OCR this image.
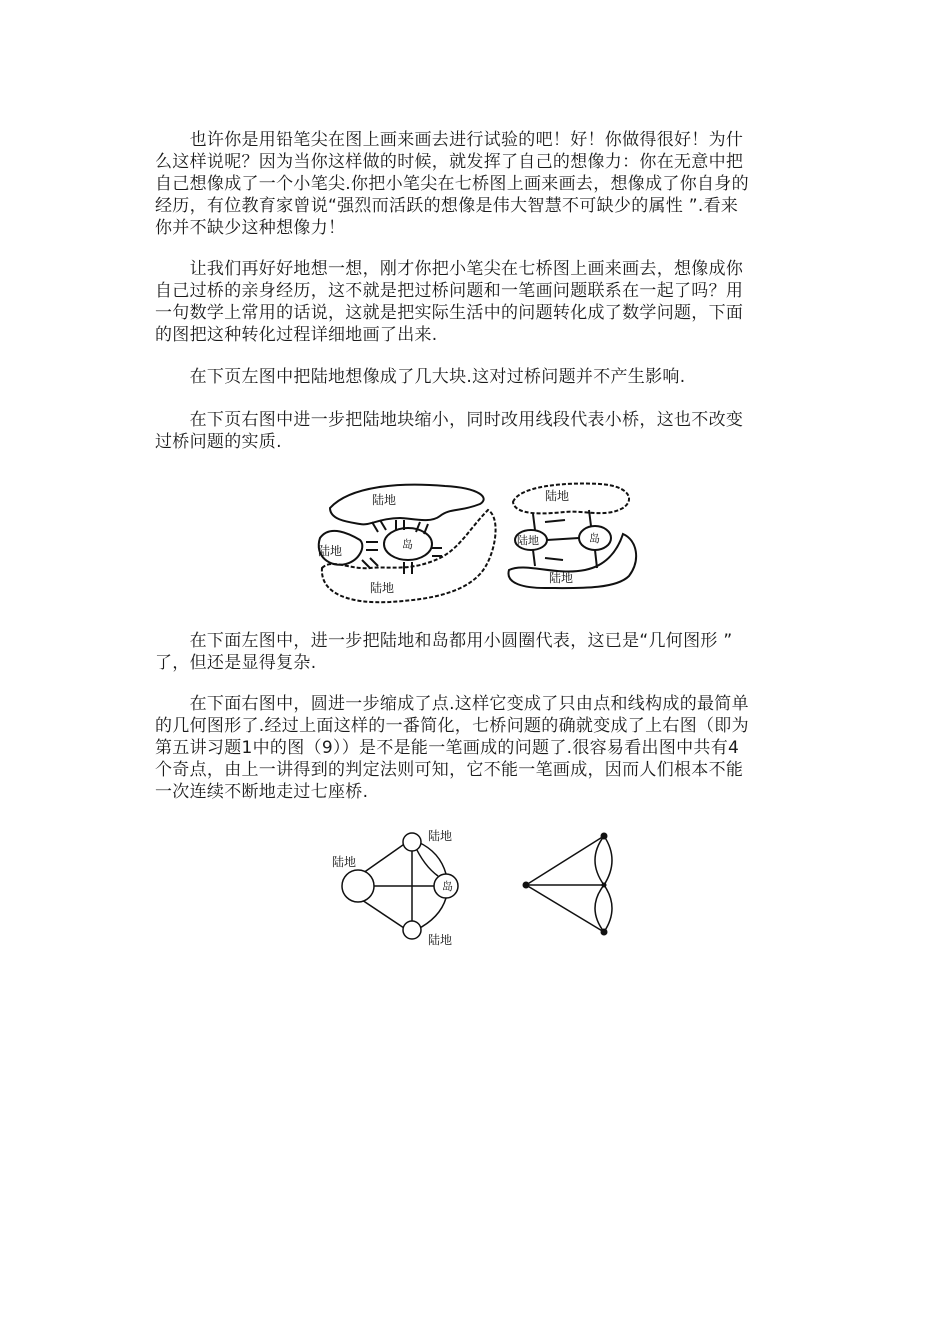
　　也许你是用铅笔尖在图上画来画去进行试验的吧！好！你做得很好！为什
么这样说呢？因为当你这样做的时候，就发挥了自己的想像力：你在无意中把
自己想像成了一个小笔尖.你把小笔尖在七桥图上画来画去，想像成了你自身的
经历，有位教育家曾说“强烈而活跃的想像是伟大智慧不可缺少的属性 ”.看来
你并不缺少这种想像力！

　　让我们再好好地想一想，刚才你把小笔尖在七桥图上画来画去，想像成你
自己过桥的亲身经历，这不就是把过桥问题和一笔画问题联系在一起了吗？用
一句数学上常用的话说，这就是把实际生活中的问题转化成了数学问题，下面
的图把这种转化过程详细地画了出来.

　　在下页左图中把陆地想像成了几大块.这对过桥问题并不产生影响.

　　在下页右图中进一步把陆地块缩小，同时改用线段代表小桥，这也不改变
过桥问题的实质.

陆地
陆地	岛
陆地
陆地
陆地	岛
陆地

　　在下面左图中，进一步把陆地和岛都用小圆圈代表，这已是“几何图形 ”
了，但还是显得复杂.

　　在下面右图中，圆进一步缩成了点.这样它变成了只由点和线构成的最简单
的几何图形了.经过上面这样的一番简化，七桥问题的确就变成了上右图（即为
第五讲习题1中的图（9））是不是能一笔画成的问题了.很容易看出图中共有4
个奇点，由上一讲得到的判定法则可知，它不能一笔画成，因而人们根本不能
一次连续不断地走过七座桥.

陆地
陆地
岛
陆地
